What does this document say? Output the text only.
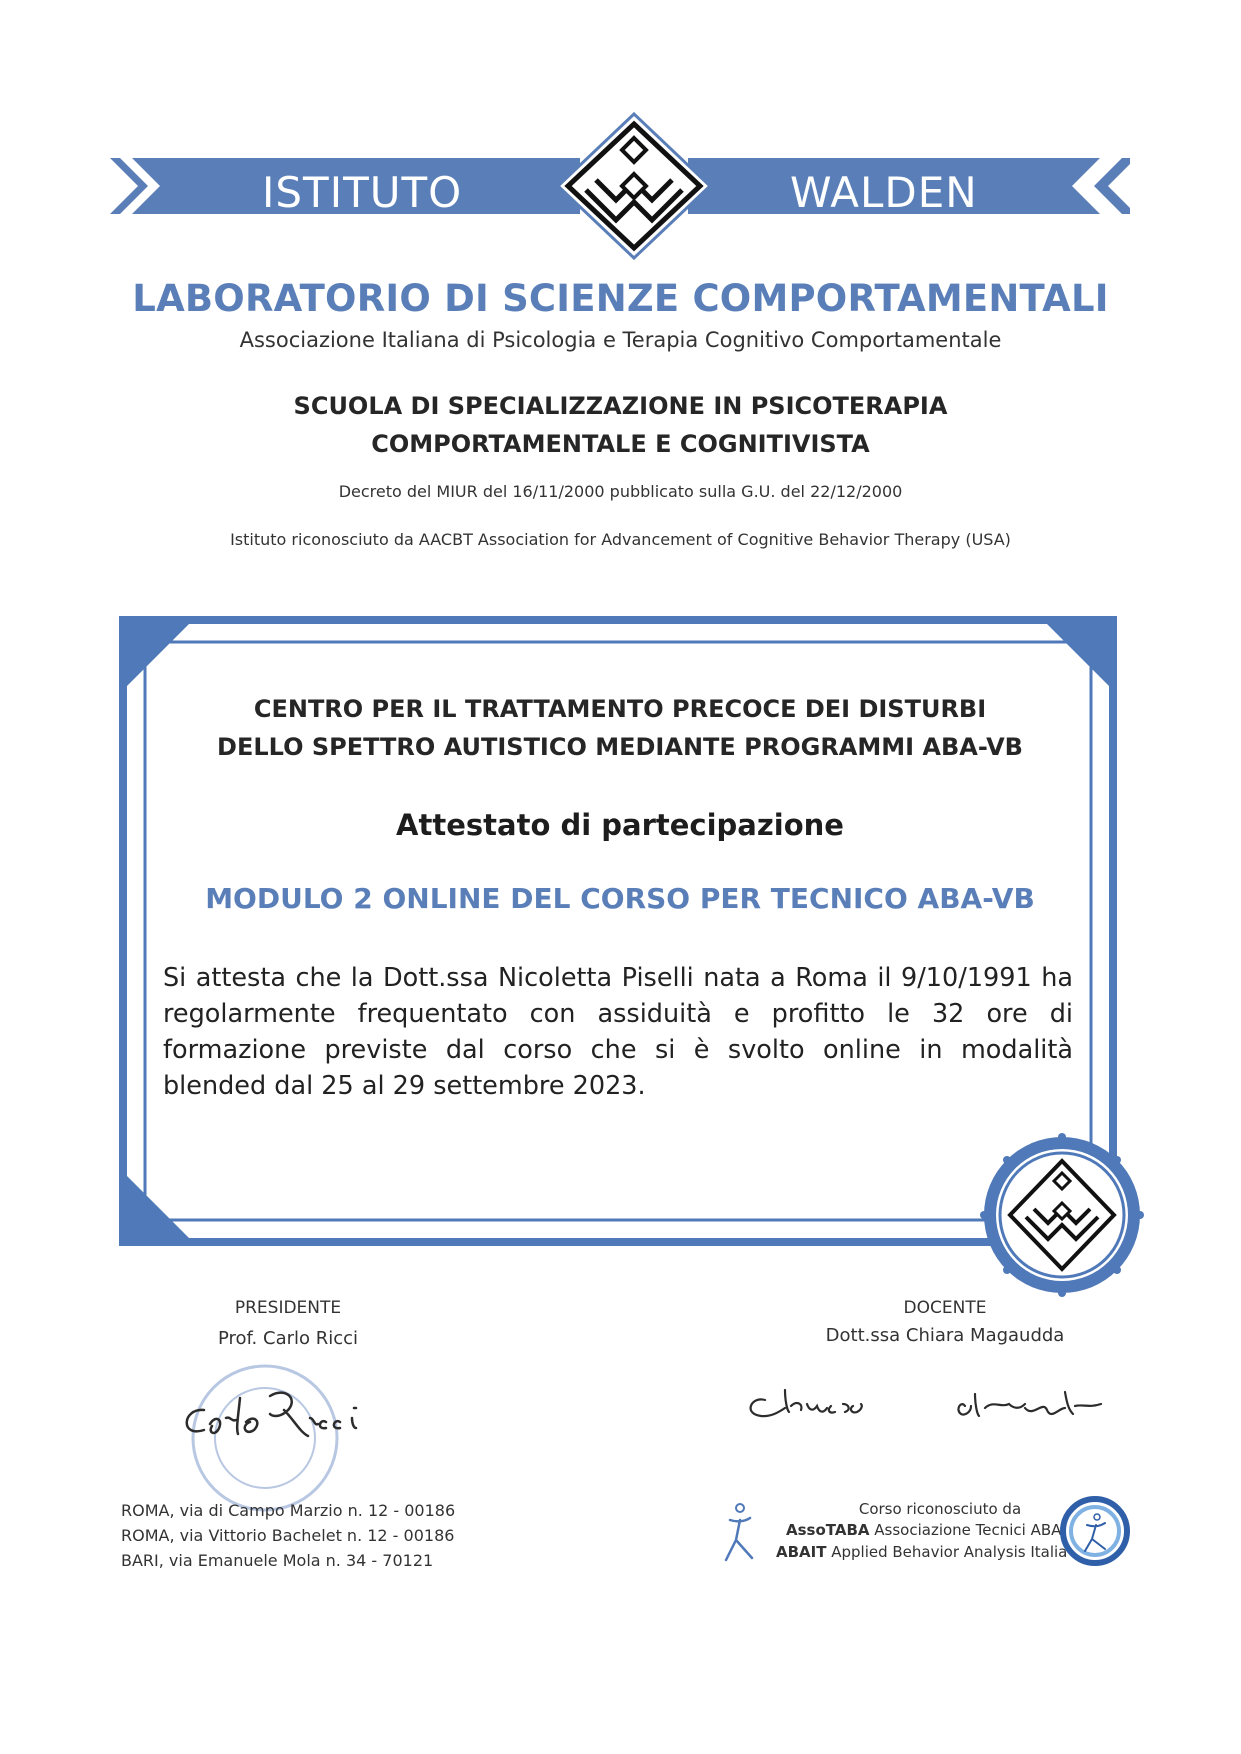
ISTITUTO	WALDEN
LABORATORIO DI SCIENZE COMPORTAMENTALI
Associazione Italiana di Psicologia e Terapia Cognitivo Comportamentale
SCUOLA DI SPECIALIZZAZIONE IN PSICOTERAPIA
COMPORTAMENTALE E COGNITIVISTA
Decreto del MIUR del 16/11/2000 pubblicato sulla G.U. del 22/12/2000
Istituto riconosciuto da AACBT Association for Advancement of Cognitive Behavior Therapy (USA)
CENTRO PER IL TRATTAMENTO PRECOCE DEI DISTURBI
DELLO SPETTRO AUTISTICO MEDIANTE PROGRAMMI ABA-VB
Attestato di partecipazione
MODULO 2 ONLINE DEL CORSO PER TECNICO ABA-VB
Si attesta che la Dott.ssa Nicoletta Piselli nata a Roma il 9/10/1991 ha regolarmente frequentato con assiduità e profitto le 32 ore di formazione previste dal corso che si è svolto online in modalità blended dal 25 al 29 settembre 2023.
PRESIDENTE
Prof. Carlo Ricci
DOCENTE
Dott.ssa Chiara Magaudda
ROMA, via di Campo Marzio n. 12 - 00186
ROMA, via Vittorio Bachelet n. 12 - 00186
BARI, via Emanuele Mola n. 34 - 70121
Corso riconosciuto da
AssoTABA Associazione Tecnici ABA
ABAIT Applied Behavior Analysis Italia
